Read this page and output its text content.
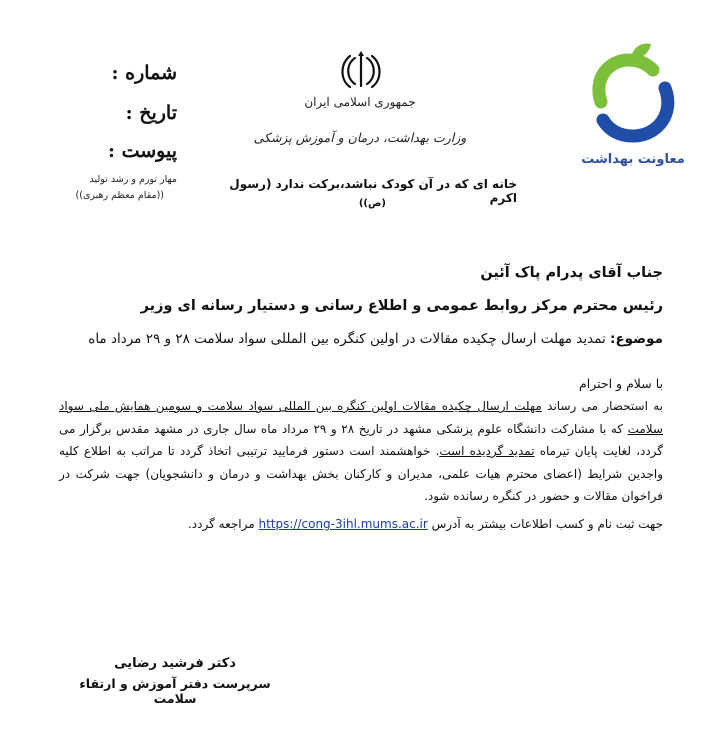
شماره :
تاریخ :
پیوست :
مهار تورم و رشد تولید
((مقام معظم رهبری))
جمهوری اسلامی ایران
وزارت بهداشت، درمان و آموزش پزشکی
خانه ای که در آن کودک نباشد،برکت ندارد (رسول اکرم
(ص))
معاونت بهداشت
جناب آقای پدرام پاک آئین
رئیس محترم مرکز روابط عمومی و اطلاع رسانی و دستیار رسانه ای وزیر
موضوع: تمدید مهلت ارسال چکیده مقالات در اولین کنگره بین المللی سواد سلامت ۲۸ و ۲۹ مرداد ماه
با سلام و احترام
به استحضار می رساند مهلت ارسال چکیده مقالات اولین کنگره بین المللی سواد سلامت و سومین همایش ملی سواد سلامت که با مشارکت دانشگاه علوم پزشکی مشهد در تاریخ ۲۸ و ۲۹ مرداد ماه سال جاری در مشهد مقدس برگزار می گردد، لغایت پایان تیرماه تمدید گردیده است. خواهشمند است دستور فرمایید ترتیبی اتخاذ گردد تا مراتب به اطلاع کلیه واجدین شرایط (اعضای محترم هیات علمی، مدیران و کارکنان بخش بهداشت و درمان و دانشجویان) جهت شرکت در فراخوان مقالات و حضور در کنگره رسانده شود.
جهت ثبت نام و کسب اطلاعات بیشتر به آدرس https://cong-3ihl.mums.ac.ir مراجعه گردد.
دکتر فرشید رضایی
سرپرست دفتر آموزش و ارتقاء سلامت
